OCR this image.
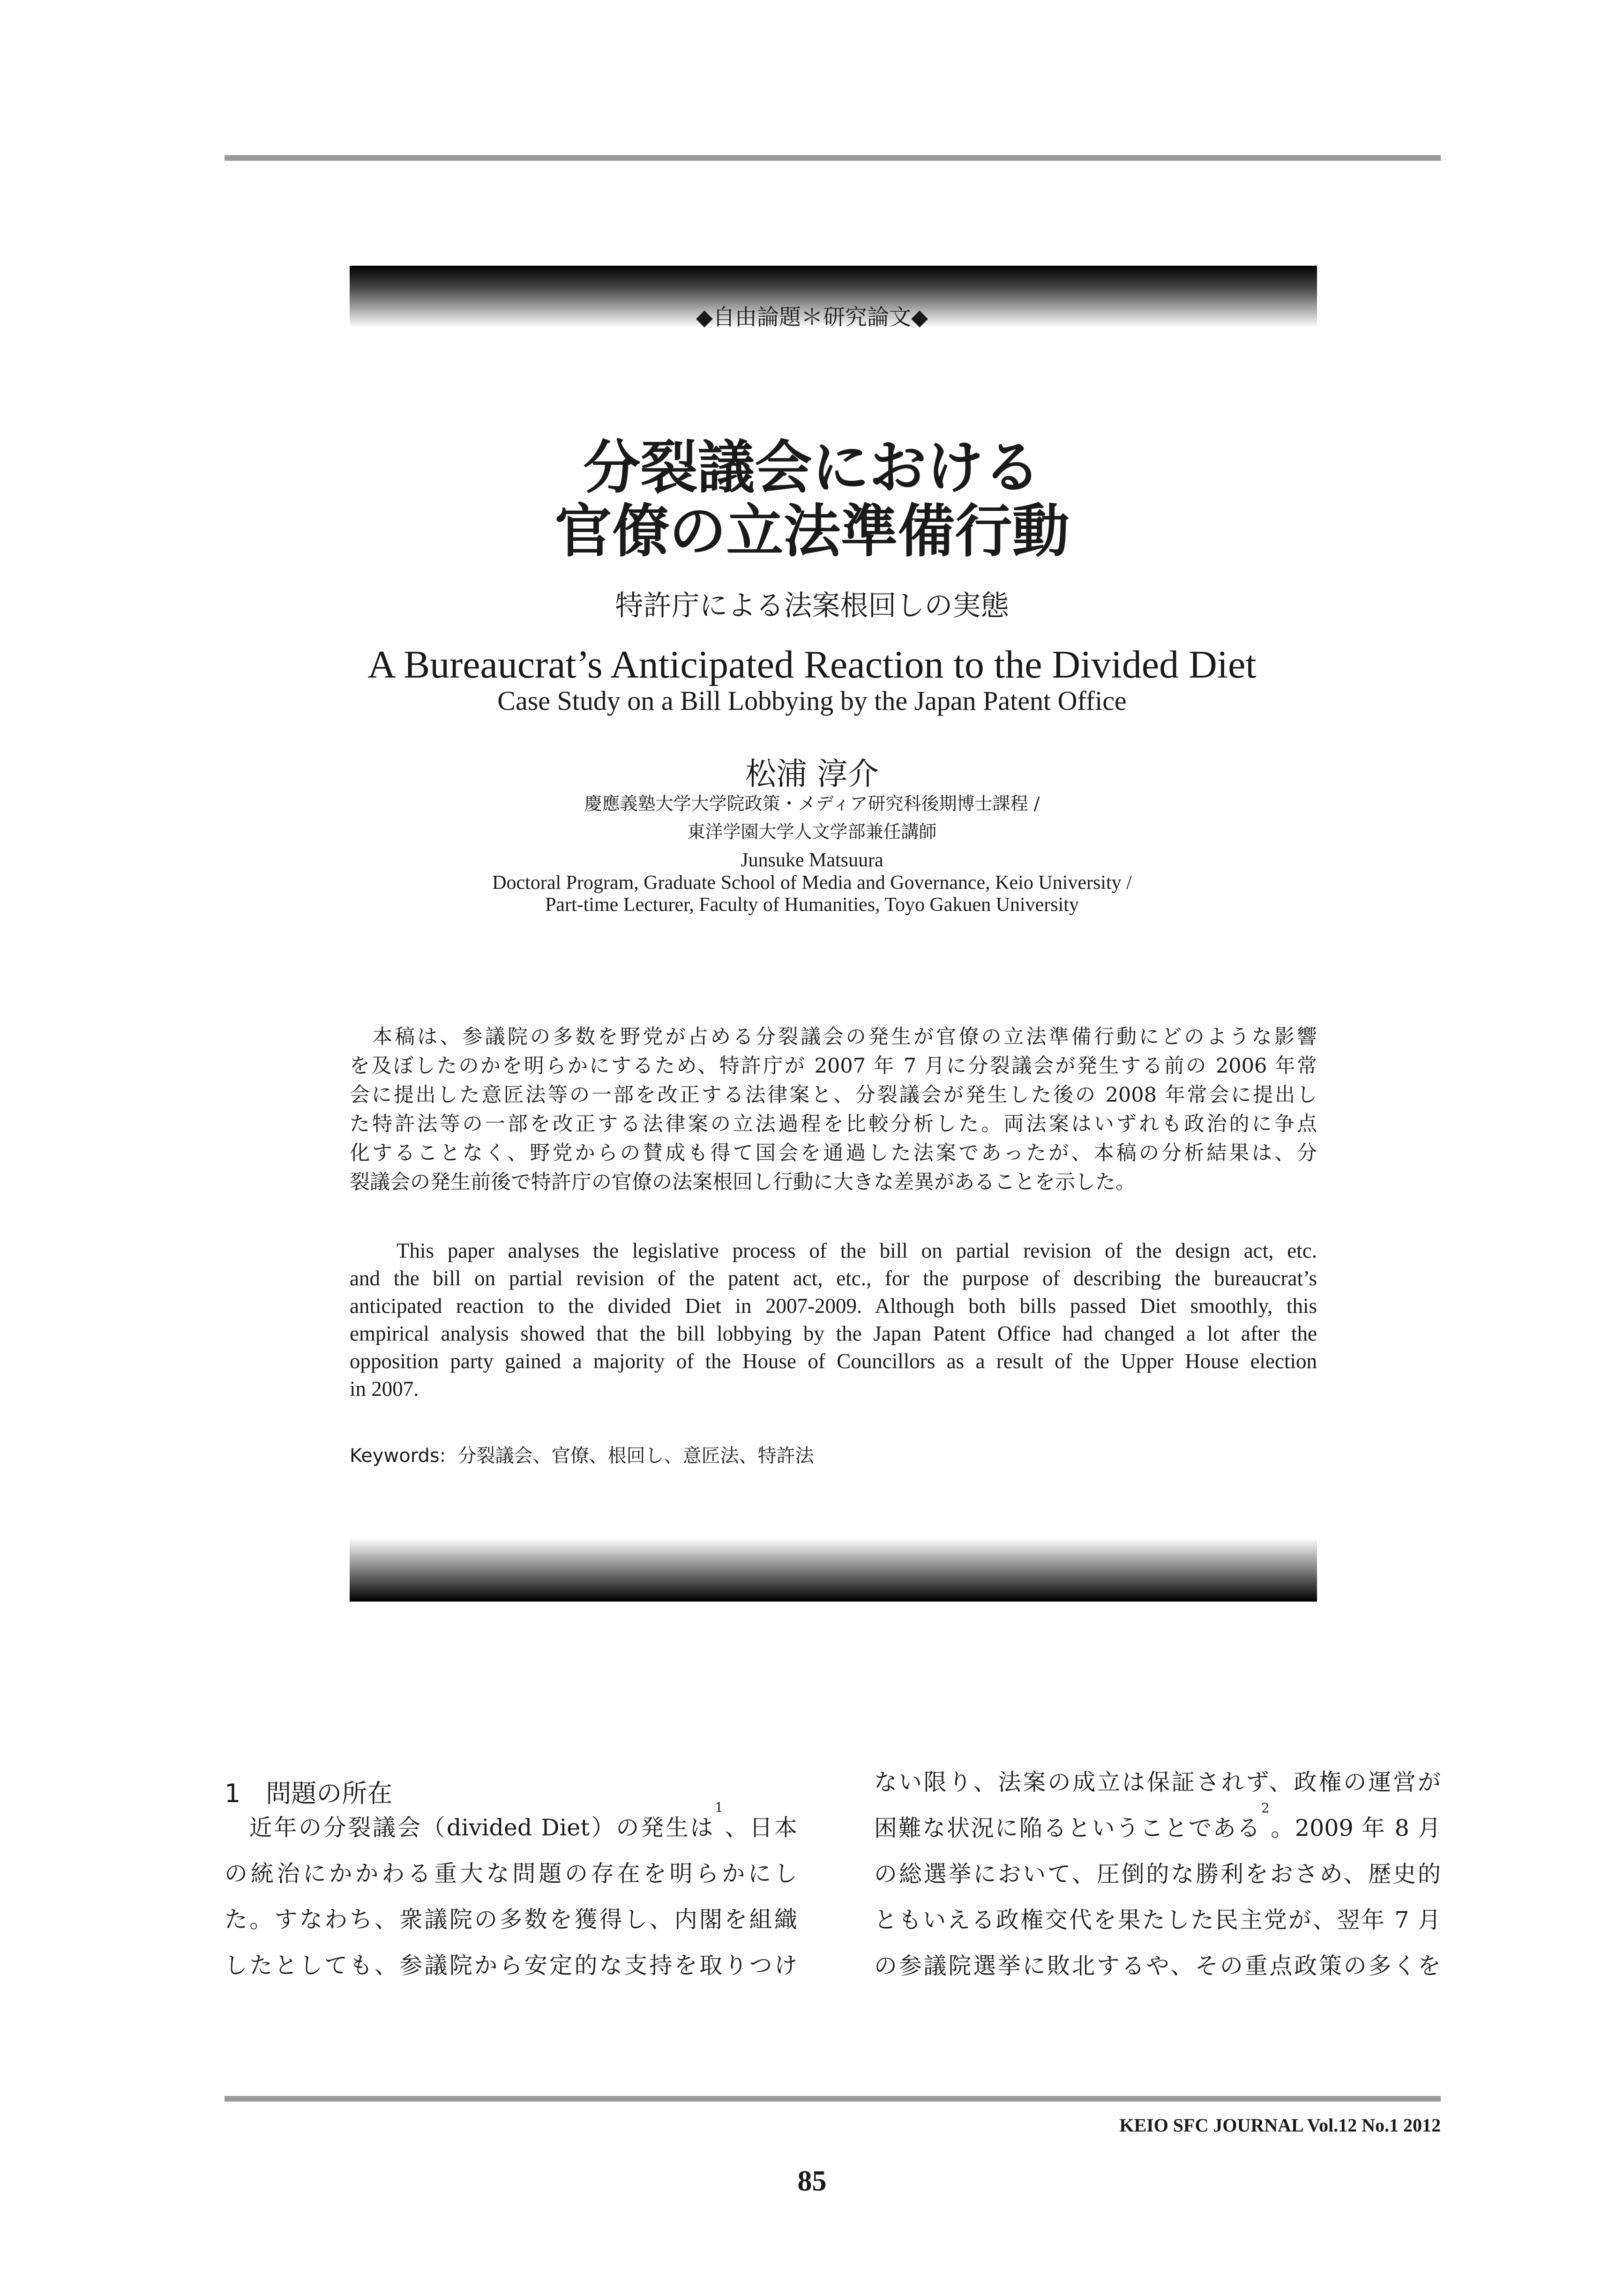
◆自由論題＊研究論文◆
分裂議会における
官僚の立法準備行動
特許庁による法案根回しの実態
A Bureaucrat’s Anticipated Reaction to the Divided Diet
Case Study on a Bill Lobbying by the Japan Patent Office
松浦 淳介
慶應義塾大学大学院政策・メディア研究科後期博士課程 /
東洋学園大学人文学部兼任講師
Junsuke Matsuura
Doctoral Program, Graduate School of Media and Governance, Keio University /
Part-time Lecturer, Faculty of Humanities, Toyo Gakuen University
　本稿は、参議院の多数を野党が占める分裂議会の発生が官僚の立法準備行動にどのような影響
を及ぼしたのかを明らかにするため、特許庁が 2007 年 7 月に分裂議会が発生する前の 2006 年常
会に提出した意匠法等の一部を改正する法律案と、分裂議会が発生した後の 2008 年常会に提出し
た特許法等の一部を改正する法律案の立法過程を比較分析した。両法案はいずれも政治的に争点
化することなく、野党からの賛成も得て国会を通過した法案であったが、本稿の分析結果は、分
裂議会の発生前後で特許庁の官僚の法案根回し行動に大きな差異があることを示した。
This paper analyses the legislative process of the bill on partial revision of the design act, etc.
and the bill on partial revision of the patent act, etc., for the purpose of describing the bureaucrat’s
anticipated reaction to the divided Diet in 2007-2009. Although both bills passed Diet smoothly, this
empirical analysis showed that the bill lobbying by the Japan Patent Office had changed a lot after the
opposition party gained a majority of the House of Councillors as a result of the Upper House election
in 2007.
Keywords: 分裂議会、官僚、根回し、意匠法、特許法
1　問題の所在
　近年の分裂議会（divided Diet）の発生は$^1$、日本
の統治にかかわる重大な問題の存在を明らかにし
た。すなわち、衆議院の多数を獲得し、内閣を組織
したとしても、参議院から安定的な支持を取りつけ
ない限り、法案の成立は保証されず、政権の運営が
困難な状況に陥るということである$^2$。2009 年 8 月
の総選挙において、圧倒的な勝利をおさめ、歴史的
ともいえる政権交代を果たした民主党が、翌年 7 月
の参議院選挙に敗北するや、その重点政策の多くを
KEIO SFC JOURNAL Vol.12 No.1 2012
85
